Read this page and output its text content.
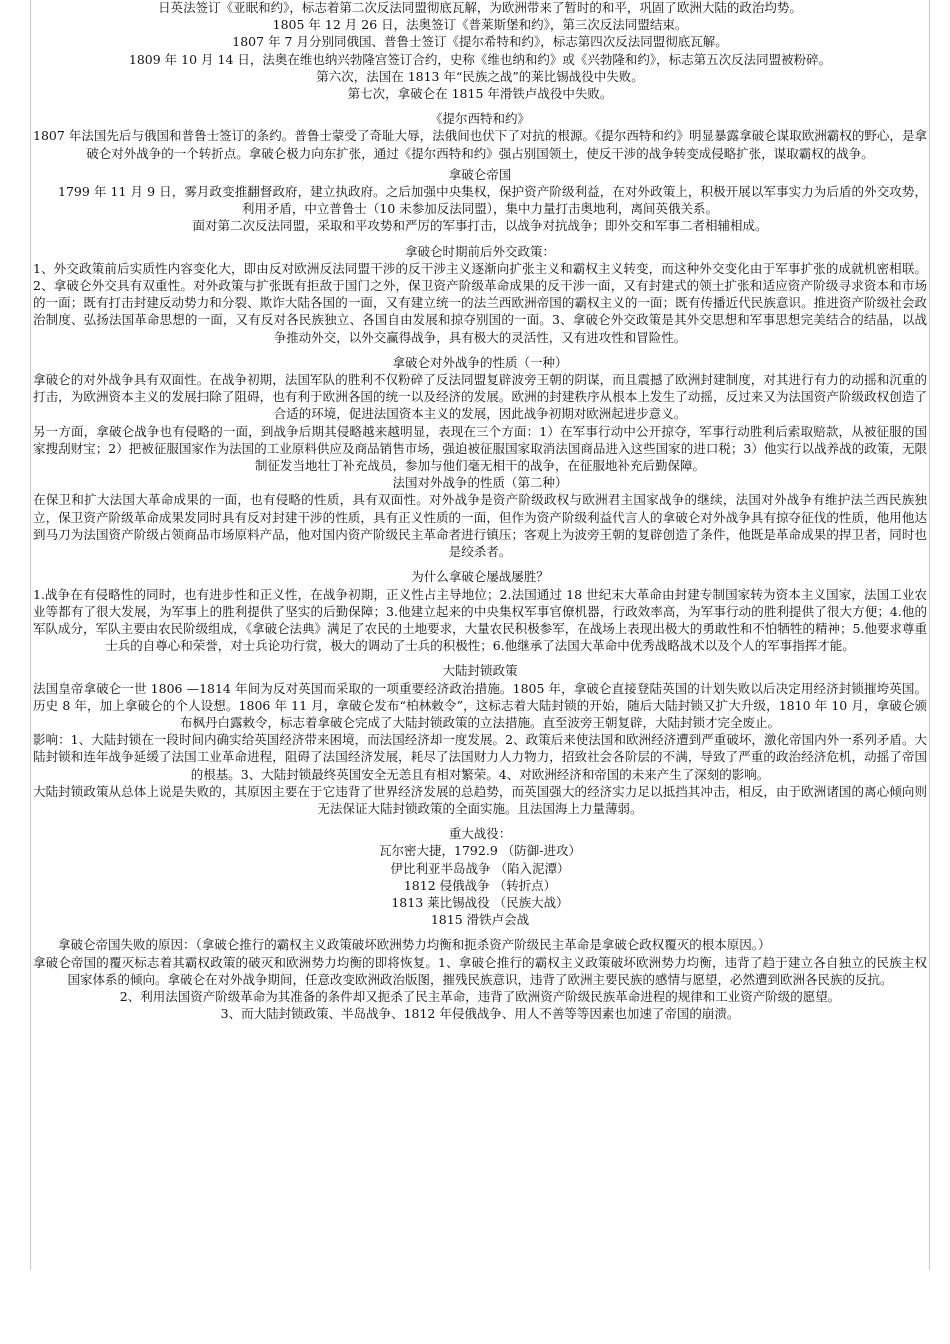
日英法签订《亚眠和约》，标志着第二次反法同盟彻底瓦解，为欧洲带来了暂时的和平，巩固了欧洲大陆的政治均势。

1805 年 12 月 26 日，法奥签订《普莱斯堡和约》，第三次反法同盟结束。

1807 年 7 月分别同俄国、普鲁士签订《提尔希特和约》，标志第四次反法同盟彻底瓦解。

1809 年 10 月 14 日，法奥在维也纳兴勃隆宫签订合约，史称《维也纳和约》或《兴勃隆和约》，标志第五次反法同盟被粉碎。

第六次，法国在 1813 年“民族之战”的莱比锡战役中失败。

第七次，拿破仑在 1815 年滑铁卢战役中失败。

《提尔西特和约》

1807 年法国先后与俄国和普鲁士签订的条约。普鲁士蒙受了奇耻大辱，法俄间也伏下了对抗的根源。《提尔西特和约》明显暴露拿破仑谋取欧洲霸权的野心，是拿破仑对外战争的一个转折点。拿破仑极力向东扩张，通过《提尔西特和约》强占别国领土，使反干涉的战争转变成侵略扩张，谋取霸权的战争。

拿破仑帝国

1799 年 11 月 9 日，雾月政变推翻督政府，建立执政府。之后加强中央集权，保护资产阶级利益，在对外政策上，积极开展以军事实力为后盾的外交攻势，利用矛盾，中立普鲁士（10 未参加反法同盟），集中力量打击奥地利，离间英俄关系。

面对第二次反法同盟，采取和平攻势和严厉的军事打击，以战争对抗战争；即外交和军事二者相辅相成。

拿破仑时期前后外交政策：

1、外交政策前后实质性内容变化大，即由反对欧洲反法同盟干涉的反干涉主义逐渐向扩张主义和霸权主义转变，而这种外交变化由于军事扩张的成就机密相联。2、拿破仑外交具有双重性。对外政策与扩张既有拒敌于国门之外，保卫资产阶级革命成果的反干涉一面，又有封建式的领土扩张和适应资产阶级寻求资本和市场的一面；既有打击封建反动势力和分裂、欺诈大陆各国的一面，又有建立统一的法兰西欧洲帝国的霸权主义的一面；既有传播近代民族意识。推进资产阶级社会政治制度、弘扬法国革命思想的一面，又有反对各民族独立、各国自由发展和掠夺别国的一面。3、拿破仑外交政策是其外交思想和军事思想完美结合的结晶，以战争推动外交，以外交赢得战争，具有极大的灵活性，又有进攻性和冒险性。

拿破仑对外战争的性质（一种）

拿破仑的对外战争具有双面性。在战争初期，法国军队的胜利不仅粉碎了反法同盟复辟波旁王朝的阴谋，而且震撼了欧洲封建制度，对其进行有力的动摇和沉重的打击，为欧洲资本主义的发展扫除了阻碍，也有利于欧洲各国的统一以及经济的发展。欧洲的封建秩序从根本上发生了动摇，反过来又为法国资产阶级政权创造了合适的环境，促进法国资本主义的发展，因此战争初期对欧洲起进步意义。

另一方面，拿破仑战争也有侵略的一面，到战争后期其侵略越来越明显，表现在三个方面：1）在军事行动中公开掠夺，军事行动胜利后索取赔款，从被征服的国家搜刮财宝；2）把被征服国家作为法国的工业原料供应及商品销售市场，强迫被征服国家取消法国商品进入这些国家的进口税；3）他实行以战养战的政策，无限制征发当地壮丁补充战员，参加与他们毫无相干的战争，在征服地补充后勤保障。

法国对外战争的性质（第二种）

在保卫和扩大法国大革命成果的一面，也有侵略的性质，具有双面性。对外战争是资产阶级政权与欧洲君主国家战争的继续，法国对外战争有维护法兰西民族独立，保卫资产阶级革命成果发同时具有反对封建干涉的性质，具有正义性质的一面，但作为资产阶级利益代言人的拿破仑对外战争具有掠夺征伐的性质，他用他达到马刀为法国资产阶级占领商品市场原料产品，他对国内资产阶级民主革命者进行镇压；客观上为波旁王朝的复辟创造了条件，他既是革命成果的捍卫者，同时也是绞杀者。

为什么拿破仑屡战屡胜？

1.战争在有侵略性的同时，也有进步性和正义性，在战争初期，正义性占主导地位；2.法国通过 18 世纪末大革命由封建专制国家转为资本主义国家，法国工业农业等都有了很大发展，为军事上的胜利提供了坚实的后勤保障；3.他建立起来的中央集权军事官僚机器，行政效率高，为军事行动的胜利提供了很大方便；4.他的军队成分，军队主要由农民阶级组成，《拿破仑法典》满足了农民的土地要求，大量农民积极参军，在战场上表现出极大的勇敢性和不怕牺牲的精神；5.他要求尊重士兵的自尊心和荣誉，对士兵论功行赏，极大的调动了士兵的积极性；6.他继承了法国大革命中优秀战略战术以及个人的军事指挥才能。

大陆封锁政策

法国皇帝拿破仑一世 1806 —1814 年间为反对英国而采取的一项重要经济政治措施。1805 年，拿破仑直接登陆英国的计划失败以后决定用经济封锁摧垮英国。历史 8 年，加上拿破仑的个人设想。1806 年 11 月，拿破仑发布“柏林敕令”，这标志着大陆封锁的开始，随后大陆封锁又扩大升级，1810 年 10 月，拿破仑颁布枫丹白露敕令，标志着拿破仑完成了大陆封锁政策的立法措施。直至波旁王朝复辟，大陆封锁才完全废止。

影响：1、大陆封锁在一段时间内确实给英国经济带来困境，而法国经济却一度发展。2、政策后来使法国和欧洲经济遭到严重破坏，激化帝国内外一系列矛盾。大陆封锁和连年战争延缓了法国工业革命进程，阻碍了法国经济发展，耗尽了法国财力人力物力，招致社会各阶层的不满，导致了严重的政治经济危机，动摇了帝国的根基。3、大陆封锁最终英国安全无恙且有相对繁荣。4、对欧洲经济和帝国的未来产生了深刻的影响。

大陆封锁政策从总体上说是失败的，其原因主要在于它违背了世界经济发展的总趋势，而英国强大的经济实力足以抵挡其冲击，相反，由于欧洲诸国的离心倾向则无法保证大陆封锁政策的全面实施。且法国海上力量薄弱。

重大战役：

瓦尔密大捷，1792.9 （防御-进攻）

伊比利亚半岛战争 （陷入泥潭）

1812 侵俄战争 （转折点）

1813 莱比锡战役 （民族大战）

1815 滑铁卢会战

拿破仑帝国失败的原因：（拿破仑推行的霸权主义政策破坏欧洲势力均衡和扼杀资产阶级民主革命是拿破仑政权覆灭的根本原因。）

拿破仑帝国的覆灭标志着其霸权政策的破灭和欧洲势力均衡的即将恢复。1、拿破仑推行的霸权主义政策破坏欧洲势力均衡，违背了趋于建立各自独立的民族主权国家体系的倾向。拿破仑在对外战争期间，任意改变欧洲政治版图，摧残民族意识，违背了欧洲主要民族的感情与愿望，必然遭到欧洲各民族的反抗。

2、利用法国资产阶级革命为其准备的条件却又扼杀了民主革命，违背了欧洲资产阶级民族革命进程的规律和工业资产阶级的愿望。

3、而大陆封锁政策、半岛战争、1812 年侵俄战争、用人不善等等因素也加速了帝国的崩溃。
